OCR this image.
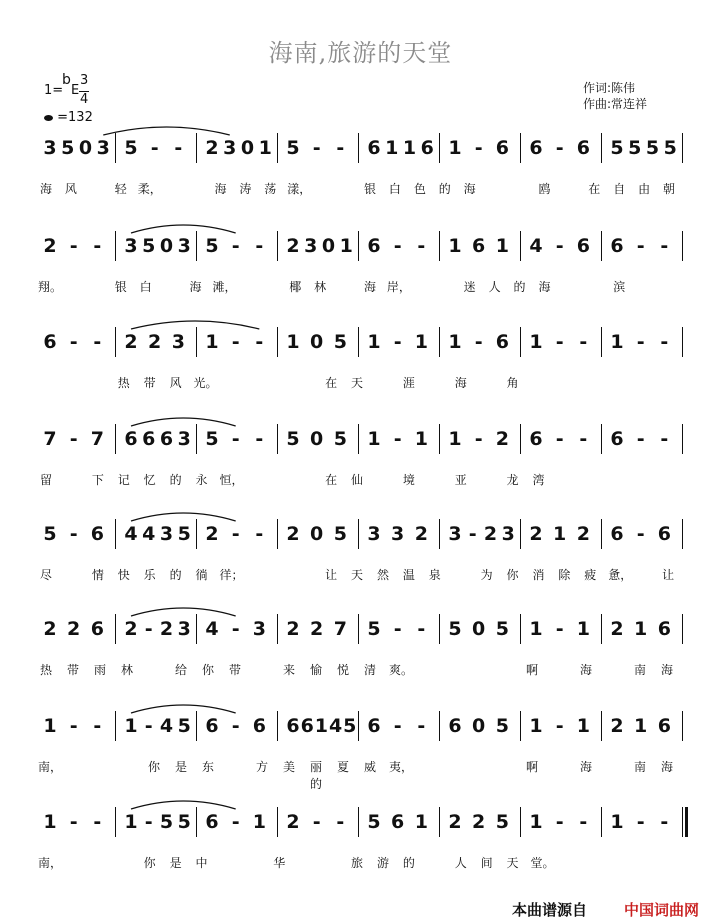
海南,旅游的天堂
1=
b
E
3
4
=132
作词:陈伟
作曲:常连祥
3 5 0 3 5 - - 2 3 0 1 5 - - 6 1 1 6 1 - 6 6 - 6 5 5 5 5
海 风	轻 柔，	海 涛 荡 漾，	银 白 色 的 海	鸥	在 自 由 朝
2 - - 3 5 0 3 5 - - 2 3 0 1 6 - - 1 6 1 4 - 6 6 - -
翔。	银 白	海 滩，	椰 林	海 岸，	迷 人 的 海	滨
6 - - 2 2 3 1 - - 1 0 5 1 - 1 1 - 6 1 - - 1 - -
热 带 风 光。	在 天	涯	海	角
7 - 7 6 6 6 3 5 - - 5 0 5 1 - 1 1 - 2 6 - - 6 - -
留	下 记 忆 的 永 恒，	在 仙	境	亚	龙 湾
5 - 6 4 4 3 5 2 - - 2 0 5 3 3 2 3 - 2 3 2 1 2 6 - 6
尽	情 快 乐 的 徜 徉；	让 天 然 温 泉	为 你 消 除 疲 惫， 让
2 2 6 2 - 2 3 4 - 3 2 2 7 5 - - 5 0 5 1 - 1 2 1 6
热 带 雨 林	给 你 带	来 愉 悦 清 爽。	啊	海	南 海
1 - - 1 - 4 5 6 - 6 6 6 1 4 5 6 - - 6 0 5 1 - 1 2 1 6
南，	你 是 东	方 美 丽的
夏 威 夷，	啊	海	南 海
1 - - 1 - 5 5 6 - 1 2 - - 5 6 1 2 2 5 1 - - 1 - -
南，	你 是 中	华	旅 游 的	人 间 天 堂。
本曲谱源自 中国词曲网
